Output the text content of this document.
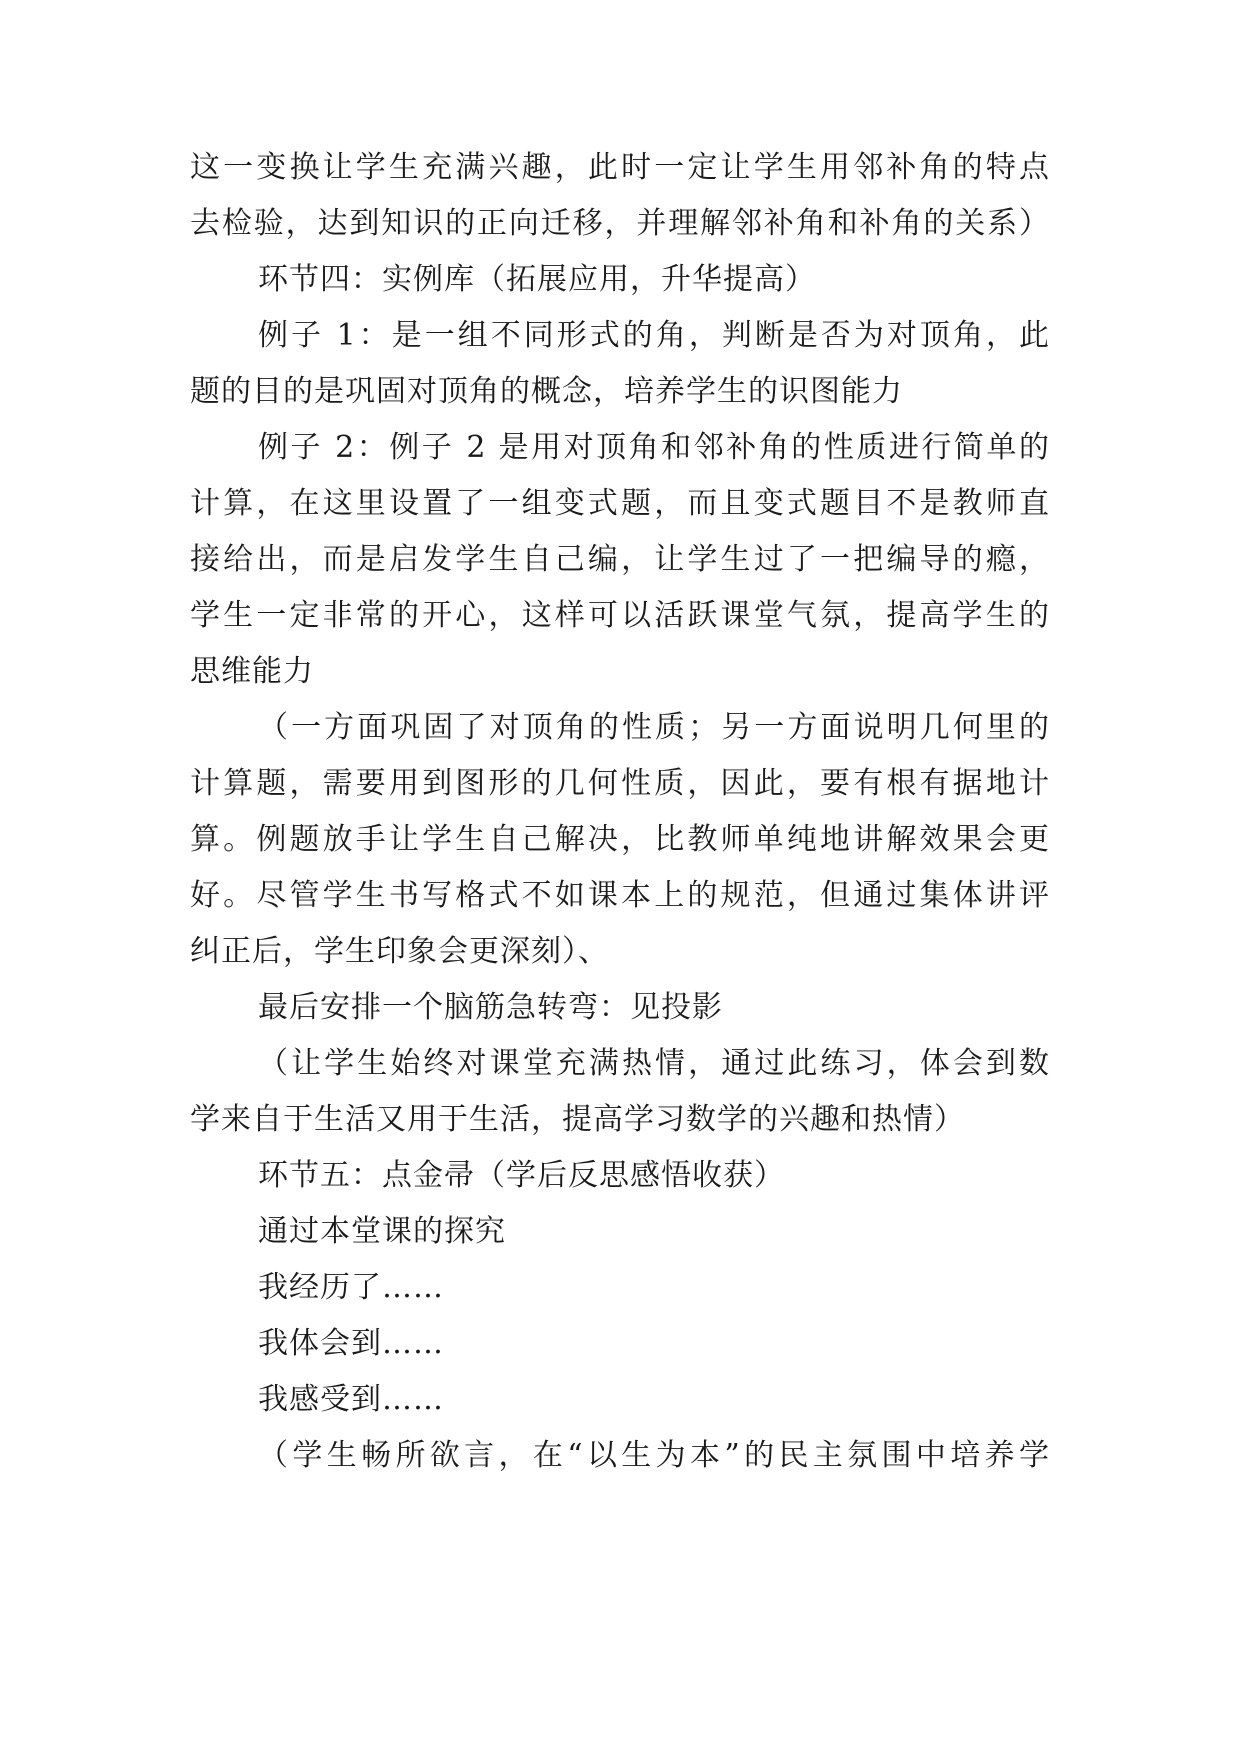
这一变换让学生充满兴趣，此时一定让学生用邻补角的特点
去检验，达到知识的正向迁移，并理解邻补角和补角的关系）
环节四：实例库（拓展应用，升华提高）
例子 1：是一组不同形式的角，判断是否为对顶角，此
题的目的是巩固对顶角的概念，培养学生的识图能力
例子 2：例子 2 是用对顶角和邻补角的性质进行简单的
计算，在这里设置了一组变式题，而且变式题目不是教师直
接给出，而是启发学生自己编，让学生过了一把编导的瘾，
学生一定非常的开心，这样可以活跃课堂气氛，提高学生的
思维能力
（一方面巩固了对顶角的性质；另一方面说明几何里的
计算题，需要用到图形的几何性质，因此，要有根有据地计
算。例题放手让学生自己解决，比教师单纯地讲解效果会更
好。尽管学生书写格式不如课本上的规范，但通过集体讲评
纠正后，学生印象会更深刻）、
最后安排一个脑筋急转弯：见投影
（让学生始终对课堂充满热情，通过此练习，体会到数
学来自于生活又用于生活，提高学习数学的兴趣和热情）
环节五：点金帚（学后反思感悟收获）
通过本堂课的探究
我经历了……
我体会到……
我感受到……
（学生畅所欲言，在“以生为本”的民主氛围中培养学
